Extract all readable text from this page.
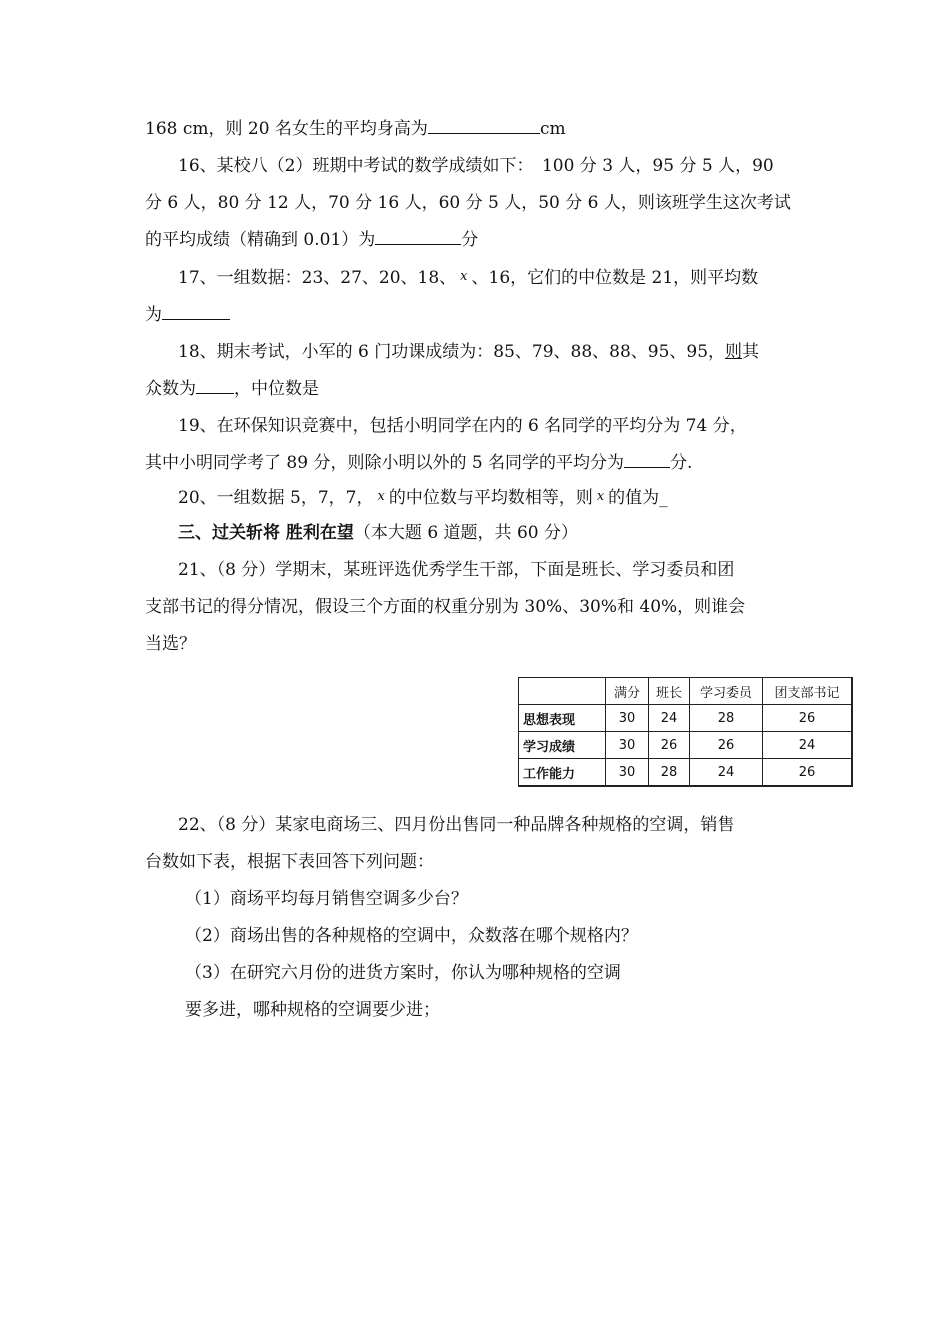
168 cm，则 20 名女生的平均身高为	cm
16、某校八（2）班期中考试的数学成绩如下：　100 分 3 人，95 分 5 人，90
分 6 人，80 分 12 人，70 分 16 人，60 分 5 人，50 分 6 人，则该班学生这次考试
的平均成绩（精确到 0.01）为	分
17、一组数据：23、27、20、18、 x 、16，它们的中位数是 21，则平均数
为
18、期末考试，小军的 6 门功课成绩为：85、79、88、88、95、95，则其
众数为 ，中位数是
19、在环保知识竞赛中，包括小明同学在内的 6 名同学的平均分为 74 分，
其中小明同学考了 89 分，则除小明以外的 5 名同学的平均分为	分.
20、一组数据 5，7，7， x 的中位数与平均数相等，则 x 的值为_
三、过关斩将 胜利在望（本大题 6 道题，共 60 分）
21、（8 分）学期末，某班评选优秀学生干部，下面是班长、学习委员和团
支部书记的得分情况，假设三个方面的权重分别为 30%、30%和 40%，则谁会
当选？
	满分	班长	学习委员	团支部书记
思想表现	30	24	28	26
学习成绩	30	26	26	24
工作能力	30	28	24	26
22、（8 分）某家电商场三、四月份出售同一种品牌各种规格的空调，销售
台数如下表，根据下表回答下列问题：
（1）商场平均每月销售空调多少台？
（2）商场出售的各种规格的空调中，众数落在哪个规格内？
（3）在研究六月份的进货方案时，你认为哪种规格的空调
要多进，哪种规格的空调要少进；
